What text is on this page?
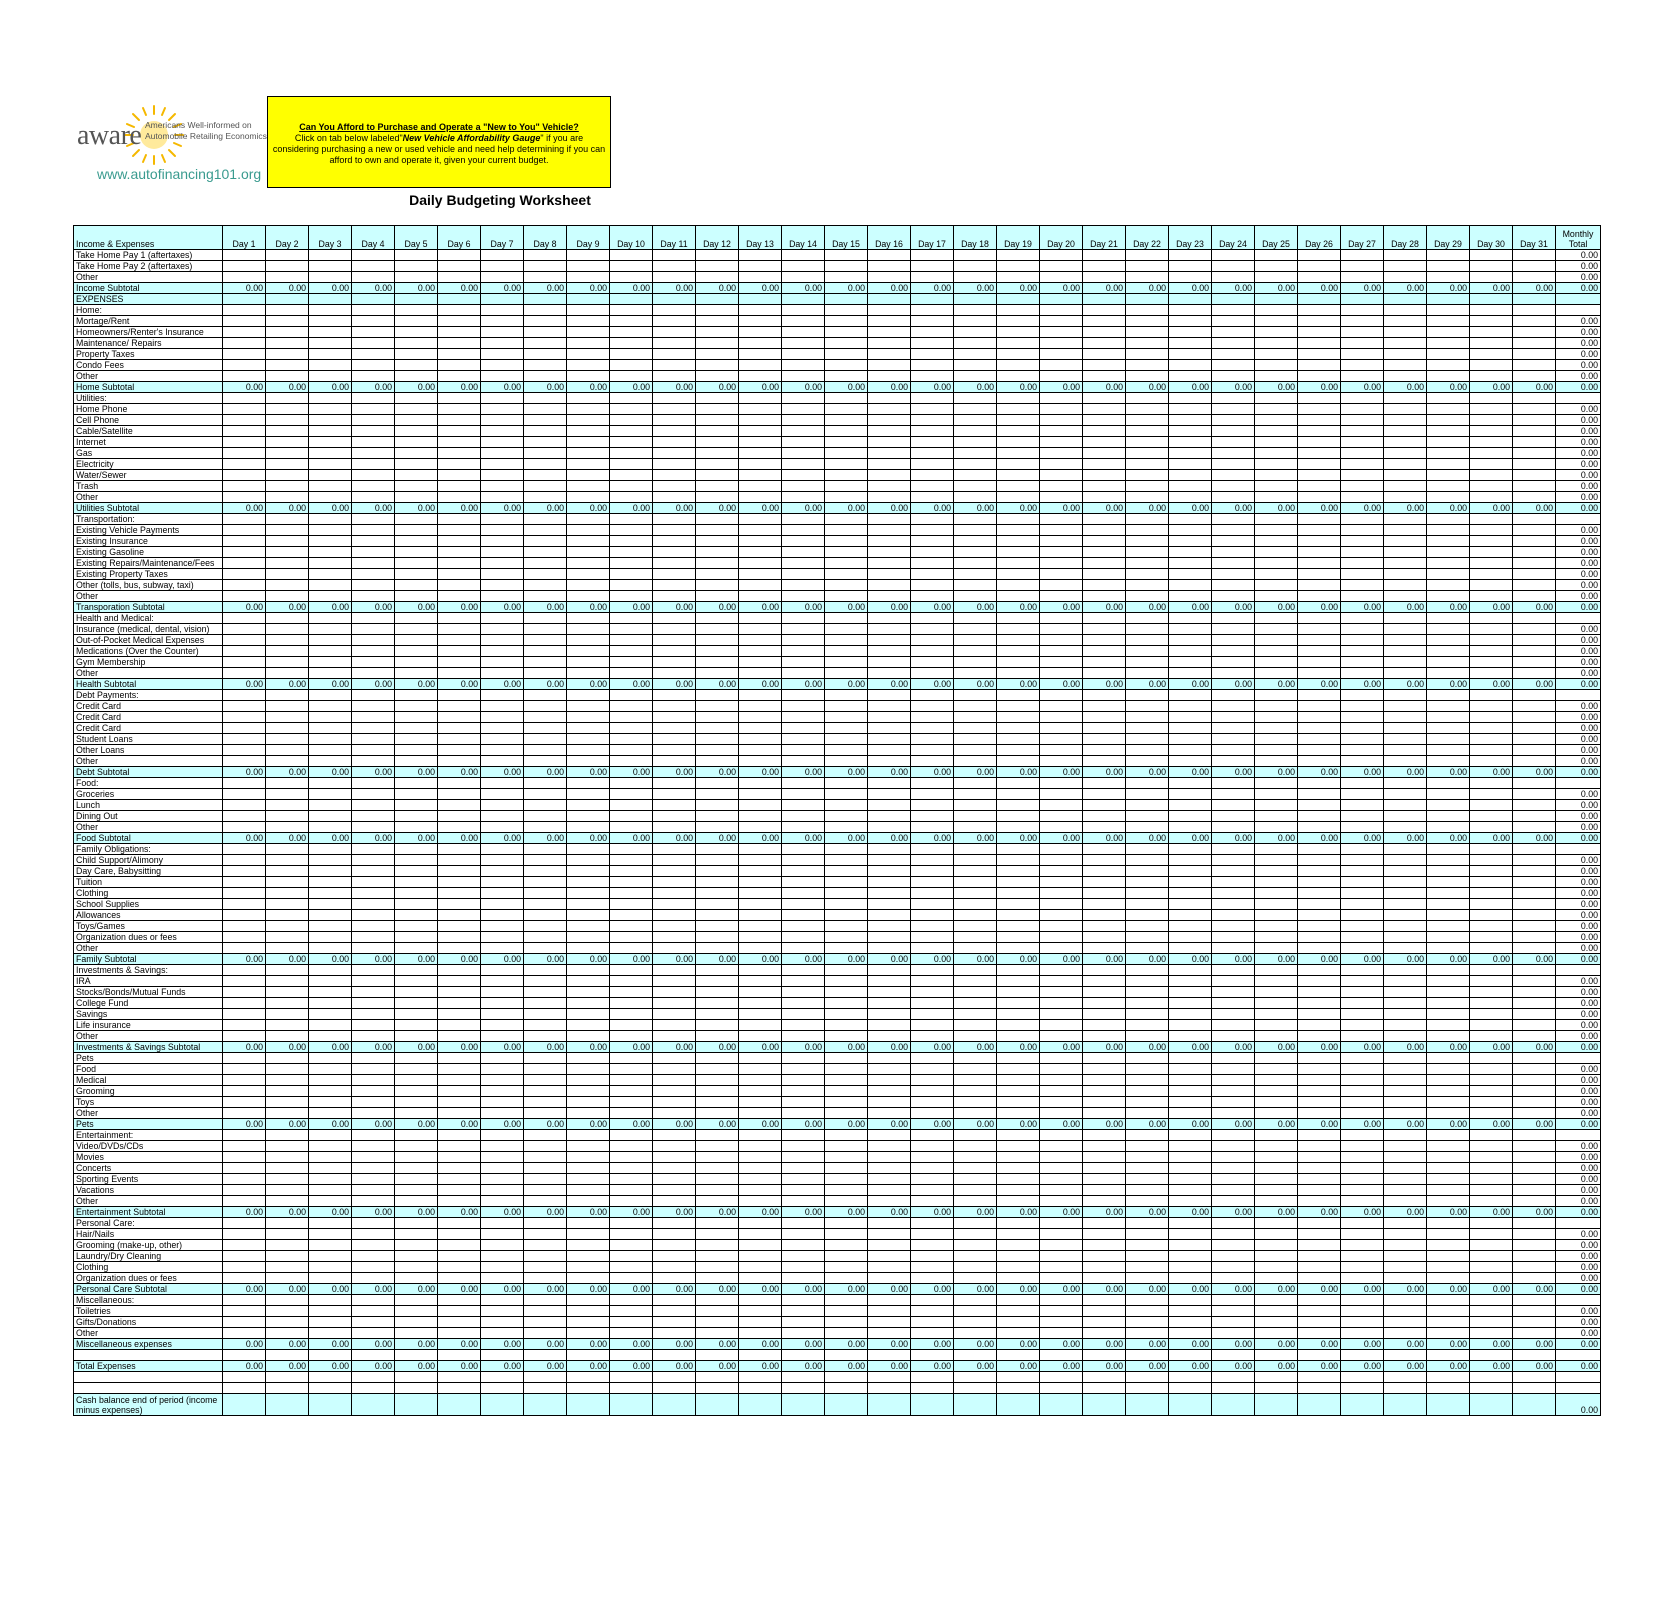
aware Americans Well-informed on
Automobile Retailing Economics
www.autofinancing101.org
Can You Afford to Purchase and Operate a "New to You" Vehicle?
Click on tab below labeled"New Vehicle Affordability Gauge" if you are
considering purchasing a new or used vehicle and need help determining if you can
afford to own and operate it, given your current budget.
Daily Budgeting Worksheet
Income & Expenses	Day 1	Day 2	Day 3	Day 4	Day 5	Day 6	Day 7	Day 8	Day 9	Day 10	Day 11	Day 12	Day 13	Day 14	Day 15	Day 16	Day 17	Day 18	Day 19	Day 20	Day 21	Day 22	Day 23	Day 24	Day 25	Day 26	Day 27	Day 28	Day 29	Day 30	Day 31	Monthly Total
Take Home Pay 1 (aftertaxes)																																0.00
Take Home Pay 2 (aftertaxes)																																0.00
Other																																0.00
Income Subtotal	0.00	0.00	0.00	0.00	0.00	0.00	0.00	0.00	0.00	0.00	0.00	0.00	0.00	0.00	0.00	0.00	0.00	0.00	0.00	0.00	0.00	0.00	0.00	0.00	0.00	0.00	0.00	0.00	0.00	0.00	0.00	0.00
EXPENSES																																
Home:																																
Mortage/Rent																																0.00
Homeowners/Renter's Insurance																																0.00
Maintenance/ Repairs																																0.00
Property Taxes																																0.00
Condo Fees																																0.00
Other																																0.00
Home Subtotal	0.00	0.00	0.00	0.00	0.00	0.00	0.00	0.00	0.00	0.00	0.00	0.00	0.00	0.00	0.00	0.00	0.00	0.00	0.00	0.00	0.00	0.00	0.00	0.00	0.00	0.00	0.00	0.00	0.00	0.00	0.00	0.00
Utilities:																																
Home Phone																																0.00
Cell Phone																																0.00
Cable/Satellite																																0.00
Internet																																0.00
Gas																																0.00
Electricity																																0.00
Water/Sewer																																0.00
Trash																																0.00
Other																																0.00
Utilities Subtotal	0.00	0.00	0.00	0.00	0.00	0.00	0.00	0.00	0.00	0.00	0.00	0.00	0.00	0.00	0.00	0.00	0.00	0.00	0.00	0.00	0.00	0.00	0.00	0.00	0.00	0.00	0.00	0.00	0.00	0.00	0.00	0.00
Transportation:																																
Existing Vehicle Payments																																0.00
Existing Insurance																																0.00
Existing Gasoline																																0.00
Existing Repairs/Maintenance/Fees																																0.00
Existing Property Taxes																																0.00
Other (tolls, bus, subway, taxi)																																0.00
Other																																0.00
Transporation Subtotal	0.00	0.00	0.00	0.00	0.00	0.00	0.00	0.00	0.00	0.00	0.00	0.00	0.00	0.00	0.00	0.00	0.00	0.00	0.00	0.00	0.00	0.00	0.00	0.00	0.00	0.00	0.00	0.00	0.00	0.00	0.00	0.00
Health and Medical:																																
Insurance (medical, dental, vision)																																0.00
Out-of-Pocket Medical Expenses																																0.00
Medications (Over the Counter)																																0.00
Gym Membership																																0.00
Other																																0.00
Health Subtotal	0.00	0.00	0.00	0.00	0.00	0.00	0.00	0.00	0.00	0.00	0.00	0.00	0.00	0.00	0.00	0.00	0.00	0.00	0.00	0.00	0.00	0.00	0.00	0.00	0.00	0.00	0.00	0.00	0.00	0.00	0.00	0.00
Debt Payments:																																
Credit Card																																0.00
Credit Card																																0.00
Credit Card																																0.00
Student Loans																																0.00
Other Loans																																0.00
Other																																0.00
Debt Subtotal	0.00	0.00	0.00	0.00	0.00	0.00	0.00	0.00	0.00	0.00	0.00	0.00	0.00	0.00	0.00	0.00	0.00	0.00	0.00	0.00	0.00	0.00	0.00	0.00	0.00	0.00	0.00	0.00	0.00	0.00	0.00	0.00
Food:																																
Groceries																																0.00
Lunch																																0.00
Dining Out																																0.00
Other																																0.00
Food Subtotal	0.00	0.00	0.00	0.00	0.00	0.00	0.00	0.00	0.00	0.00	0.00	0.00	0.00	0.00	0.00	0.00	0.00	0.00	0.00	0.00	0.00	0.00	0.00	0.00	0.00	0.00	0.00	0.00	0.00	0.00	0.00	0.00
Family Obligations:																																
Child Support/Alimony																																0.00
Day Care, Babysitting																																0.00
Tuition																																0.00
Clothing																																0.00
School Supplies																																0.00
Allowances																																0.00
Toys/Games																																0.00
Organization dues or fees																																0.00
Other																																0.00
Family Subtotal	0.00	0.00	0.00	0.00	0.00	0.00	0.00	0.00	0.00	0.00	0.00	0.00	0.00	0.00	0.00	0.00	0.00	0.00	0.00	0.00	0.00	0.00	0.00	0.00	0.00	0.00	0.00	0.00	0.00	0.00	0.00	0.00
Investments & Savings:																																
IRA																																0.00
Stocks/Bonds/Mutual Funds																																0.00
College Fund																																0.00
Savings																																0.00
Life insurance																																0.00
Other																																0.00
Investments & Savings Subtotal	0.00	0.00	0.00	0.00	0.00	0.00	0.00	0.00	0.00	0.00	0.00	0.00	0.00	0.00	0.00	0.00	0.00	0.00	0.00	0.00	0.00	0.00	0.00	0.00	0.00	0.00	0.00	0.00	0.00	0.00	0.00	0.00
Pets																																
Food																																0.00
Medical																																0.00
Grooming																																0.00
Toys																																0.00
Other																																0.00
Pets	0.00	0.00	0.00	0.00	0.00	0.00	0.00	0.00	0.00	0.00	0.00	0.00	0.00	0.00	0.00	0.00	0.00	0.00	0.00	0.00	0.00	0.00	0.00	0.00	0.00	0.00	0.00	0.00	0.00	0.00	0.00	0.00
Entertainment:																																
Video/DVDs/CDs																																0.00
Movies																																0.00
Concerts																																0.00
Sporting Events																																0.00
Vacations																																0.00
Other																																0.00
Entertainment Subtotal	0.00	0.00	0.00	0.00	0.00	0.00	0.00	0.00	0.00	0.00	0.00	0.00	0.00	0.00	0.00	0.00	0.00	0.00	0.00	0.00	0.00	0.00	0.00	0.00	0.00	0.00	0.00	0.00	0.00	0.00	0.00	0.00
Personal Care:																																
Hair/Nails																																0.00
Grooming (make-up, other)																																0.00
Laundry/Dry Cleaning																																0.00
Clothing																																0.00
Organization dues or fees																																0.00
Personal Care Subtotal	0.00	0.00	0.00	0.00	0.00	0.00	0.00	0.00	0.00	0.00	0.00	0.00	0.00	0.00	0.00	0.00	0.00	0.00	0.00	0.00	0.00	0.00	0.00	0.00	0.00	0.00	0.00	0.00	0.00	0.00	0.00	0.00
Miscellaneous:																																
Toiletries																																0.00
Gifts/Donations																																0.00
Other																																0.00
Miscellaneous expenses	0.00	0.00	0.00	0.00	0.00	0.00	0.00	0.00	0.00	0.00	0.00	0.00	0.00	0.00	0.00	0.00	0.00	0.00	0.00	0.00	0.00	0.00	0.00	0.00	0.00	0.00	0.00	0.00	0.00	0.00	0.00	0.00

Total Expenses	0.00	0.00	0.00	0.00	0.00	0.00	0.00	0.00	0.00	0.00	0.00	0.00	0.00	0.00	0.00	0.00	0.00	0.00	0.00	0.00	0.00	0.00	0.00	0.00	0.00	0.00	0.00	0.00	0.00	0.00	0.00	0.00

Cash balance end of period (income minus expenses)																																0.00
